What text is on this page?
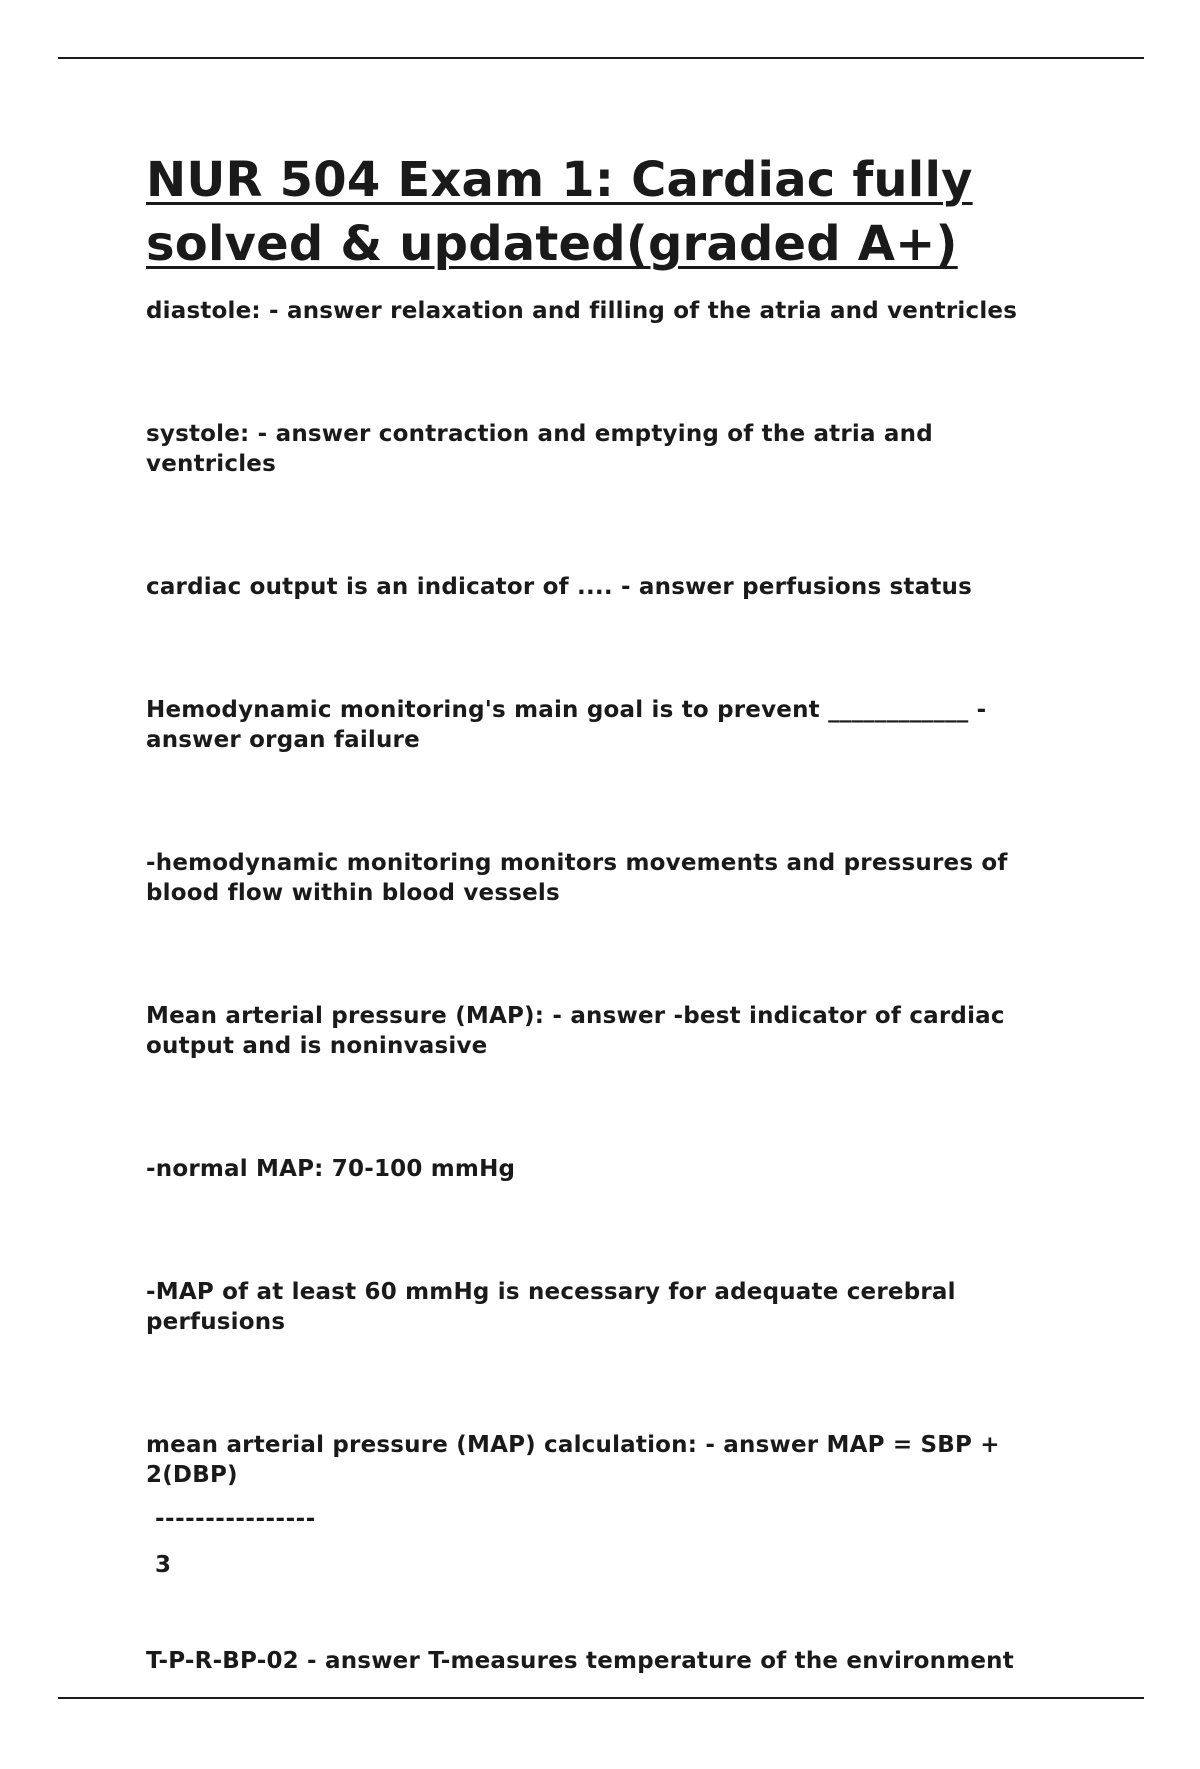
NUR 504 Exam 1: Cardiac fully
solved & updated(graded A+)

diastole: - answer relaxation and filling of the atria and ventricles

systole: - answer contraction and emptying of the atria and ventricles

cardiac output is an indicator of .... - answer perfusions status

Hemodynamic monitoring's main goal is to prevent ____________ - answer organ failure

-hemodynamic monitoring monitors movements and pressures of blood flow within blood vessels

Mean arterial pressure (MAP): - answer -best indicator of cardiac output and is noninvasive

-normal MAP: 70-100 mmHg

-MAP of at least 60 mmHg is necessary for adequate cerebral perfusions

mean arterial pressure (MAP) calculation: - answer MAP = SBP + 2(DBP)

----------------
3

T-P-R-BP-02 - answer T-measures temperature of the environment
